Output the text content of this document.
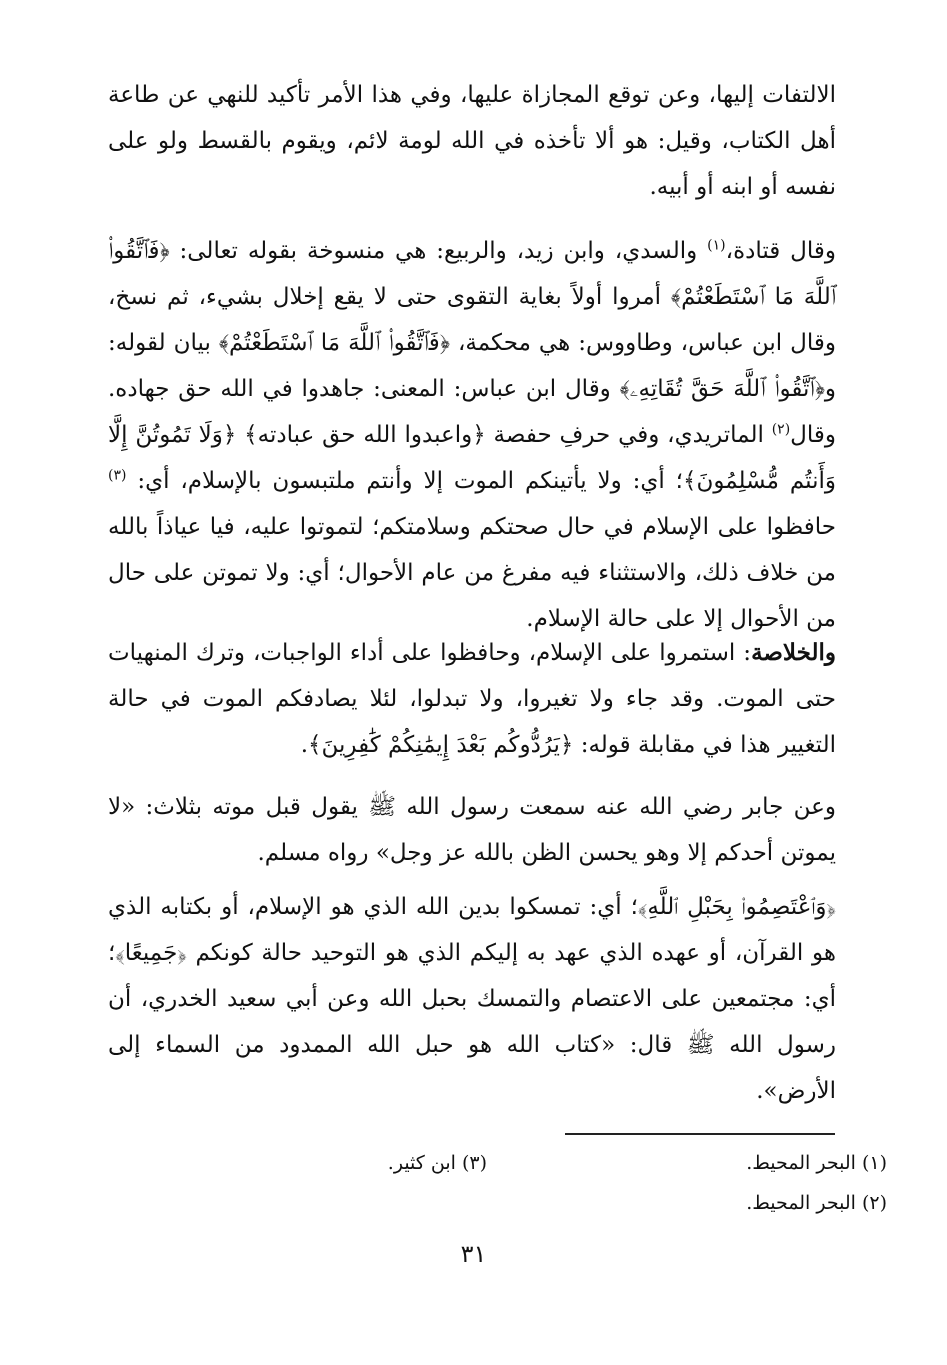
الالتفات إليها، وعن توقع المجازاة عليها، وفي هذا الأمر تأكيد للنهي عن طاعة أهل الكتاب، وقيل: هو ألا تأخذه في الله لومة لائم، ويقوم بالقسط ولو على نفسه أو ابنه أو أبيه.

وقال قتادة،$^{(١)}$ والسدي، وابن زيد، والربيع: هي منسوخة بقوله تعالى: ﴿فَٱتَّقُوا۟ ٱللَّهَ مَا ٱسْتَطَعْتُمْ﴾ أمروا أولاً بغاية التقوى حتى لا يقع إخلال بشيء، ثم نسخ، وقال ابن عباس، وطاووس: هي محكمة، ﴿فَٱتَّقُوا۟ ٱللَّهَ مَا ٱسْتَطَعْتُمْ﴾ بيان لقوله: و﴿ٱتَّقُوا۟ ٱللَّهَ حَقَّ تُقَاتِهِۦ﴾ وقال ابن عباس: المعنى: جاهدوا في الله حق جهاده. وقال$^{(٢)}$ الماتريدي، وفي حرفِ حفصة ﴿واعبدوا الله حق عبادته﴾ ﴿وَلَا تَمُوتُنَّ إِلَّا وَأَنتُم مُّسْلِمُونَ﴾؛ أي: ولا يأتينكم الموت إلا وأنتم ملتبسون بالإسلام، أي: $^{(٣)}$ حافظوا على الإسلام في حال صحتكم وسلامتكم؛ لتموتوا عليه، فيا عياذاً بالله من خلاف ذلك، والاستثناء فيه مفرغ من عام الأحوال؛ أي: ولا تموتن على حال من الأحوال إلا على حالة الإسلام.

والخلاصة: استمروا على الإسلام، وحافظوا على أداء الواجبات، وترك المنهيات حتى الموت. وقد جاء ولا تغيروا، ولا تبدلوا، لئلا يصادفكم الموت في حالة التغيير هذا في مقابلة قوله: ﴿يَرُدُّوكُم بَعْدَ إِيمَٰنِكُمْ كَٰفِرِينَ﴾.

وعن جابر رضي الله عنه سمعت رسول الله ﷺ يقول قبل موته بثلاث: «لا يموتن أحدكم إلا وهو يحسن الظن بالله عز وجل» رواه مسلم.

﴿وَٱعْتَصِمُوا۟ بِحَبْلِ ٱللَّهِ﴾؛ أي: تمسكوا بدين الله الذي هو الإسلام، أو بكتابه الذي هو القرآن، أو عهده الذي عهد به إليكم الذي هو التوحيد حالة كونكم ﴿جَمِيعًا﴾؛ أي: مجتمعين على الاعتصام والتمسك بحبل الله وعن أبي سعيد الخدري، أن رسول الله ﷺ قال: «كتاب الله هو حبل الله الممدود من السماء إلى الأرض».

(١) البحر المحيط.
(٢) البحر المحيط.
(٣) ابن كثير.
٣١
